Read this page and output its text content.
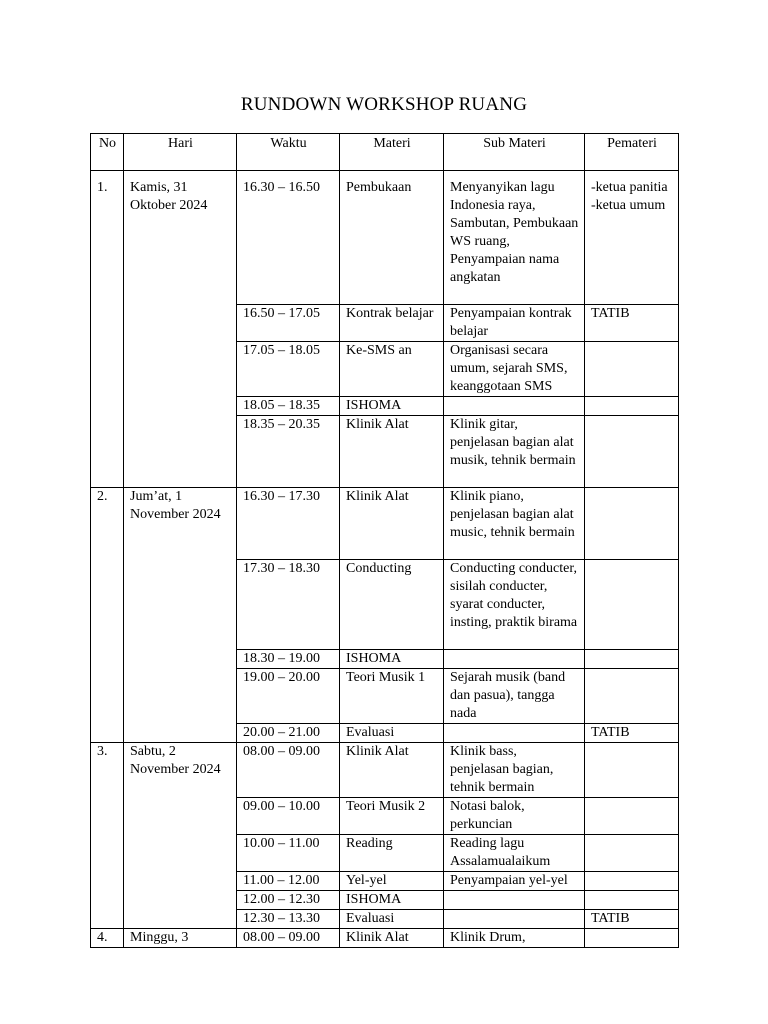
RUNDOWN WORKSHOP RUANG
No	Hari	Waktu	Materi	Sub Materi	Pemateri
1.	Kamis, 31 Oktober 2024	16.30 – 16.50	Pembukaan	Menyanyikan lagu Indonesia raya, Sambutan, Pembukaan WS ruang, Penyampaian nama angkatan	-ketua panitia
-ketua umum
		16.50 – 17.05	Kontrak belajar	Penyampaian kontrak belajar	TATIB
		17.05 – 18.05	Ke-SMS an	Organisasi secara umum, sejarah SMS, keanggotaan SMS	
		18.05 – 18.35	ISHOMA		
		18.35 – 20.35	Klinik Alat	Klinik gitar, penjelasan bagian alat musik, tehnik bermain	
2.	Jum’at, 1 November 2024	16.30 – 17.30	Klinik Alat	Klinik piano, penjelasan bagian alat music, tehnik bermain	
		17.30 – 18.30	Conducting	Conducting conducter, sisilah conducter, syarat conducter, insting, praktik birama	
		18.30 – 19.00	ISHOMA		
		19.00 – 20.00	Teori Musik 1	Sejarah musik (band dan pasua), tangga nada	
		20.00 – 21.00	Evaluasi		TATIB
3.	Sabtu, 2 November 2024	08.00 – 09.00	Klinik Alat	Klinik bass, penjelasan bagian, tehnik bermain	
		09.00 – 10.00	Teori Musik 2	Notasi balok, perkuncian	
		10.00 – 11.00	Reading	Reading lagu Assalamualaikum	
		11.00 – 12.00	Yel-yel	Penyampaian yel-yel	
		12.00 – 12.30	ISHOMA		
		12.30 – 13.30	Evaluasi		TATIB
4.	Minggu, 3	08.00 – 09.00	Klinik Alat	Klinik Drum,	
